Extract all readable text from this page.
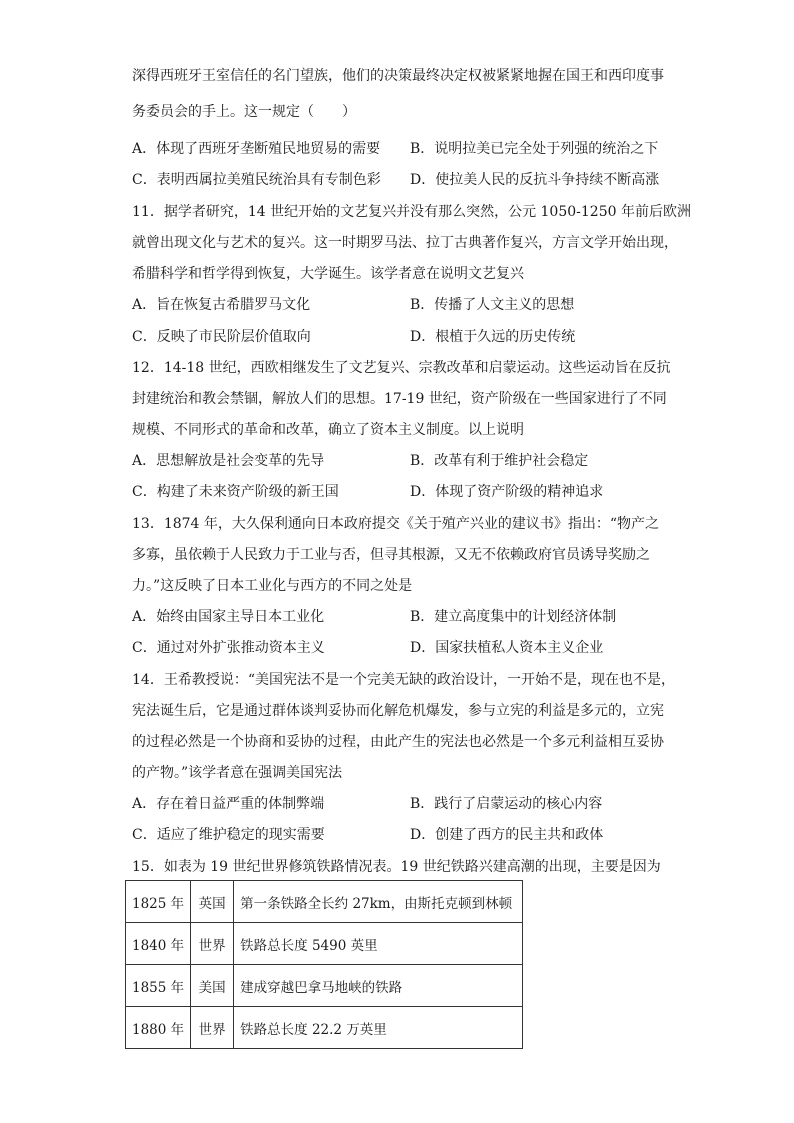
深得西班牙王室信任的名门望族，他们的决策最终决定权被紧紧地握在国王和西印度事
务委员会的手上。这一规定（　　）
A．体现了西班牙垄断殖民地贸易的需要 B．说明拉美已完全处于列强的统治之下
C．表明西属拉美殖民统治具有专制色彩 D．使拉美人民的反抗斗争持续不断高涨
11．据学者研究，14 世纪开始的文艺复兴并没有那么突然，公元 1050-1250 年前后欧洲
就曾出现文化与艺术的复兴。这一时期罗马法、拉丁古典著作复兴，方言文学开始出现，
希腊科学和哲学得到恢复，大学诞生。该学者意在说明文艺复兴
A．旨在恢复古希腊罗马文化	B．传播了人文主义的思想
C．反映了市民阶层价值取向	D．根植于久远的历史传统
12．14-18 世纪，西欧相继发生了文艺复兴、宗教改革和启蒙运动。这些运动旨在反抗
封建统治和教会禁锢，解放人们的思想。17-19 世纪，资产阶级在一些国家进行了不同
规模、不同形式的革命和改革，确立了资本主义制度。以上说明
A．思想解放是社会变革的先导	B．改革有利于维护社会稳定
C．构建了未来资产阶级的新王国	D．体现了资产阶级的精神追求
13．1874 年，大久保利通向日本政府提交《关于殖产兴业的建议书》指出：“物产之
多寡，虽依赖于人民致力于工业与否，但寻其根源，又无不依赖政府官员诱导奖励之
力。”这反映了日本工业化与西方的不同之处是
A．始终由国家主导日本工业化	B．建立高度集中的计划经济体制
C．通过对外扩张推动资本主义	D．国家扶植私人资本主义企业
14．王希教授说：“美国宪法不是一个完美无缺的政治设计，一开始不是，现在也不是，
宪法诞生后，它是通过群体谈判妥协而化解危机爆发，参与立宪的利益是多元的，立宪
的过程必然是一个协商和妥协的过程，由此产生的宪法也必然是一个多元利益相互妥协
的产物。”该学者意在强调美国宪法
A．存在着日益严重的体制弊端	B．践行了启蒙运动的核心内容
C．适应了维护稳定的现实需要	D．创建了西方的民主共和政体
15．如表为 19 世纪世界修筑铁路情况表。19 世纪铁路兴建高潮的出现，主要是因为
1825 年	英国	第一条铁路全长约 27km，由斯托克顿到林顿
1840 年	世界	铁路总长度 5490 英里
1855 年	美国	建成穿越巴拿马地峡的铁路
1880 年	世界	铁路总长度 22.2 万英里
